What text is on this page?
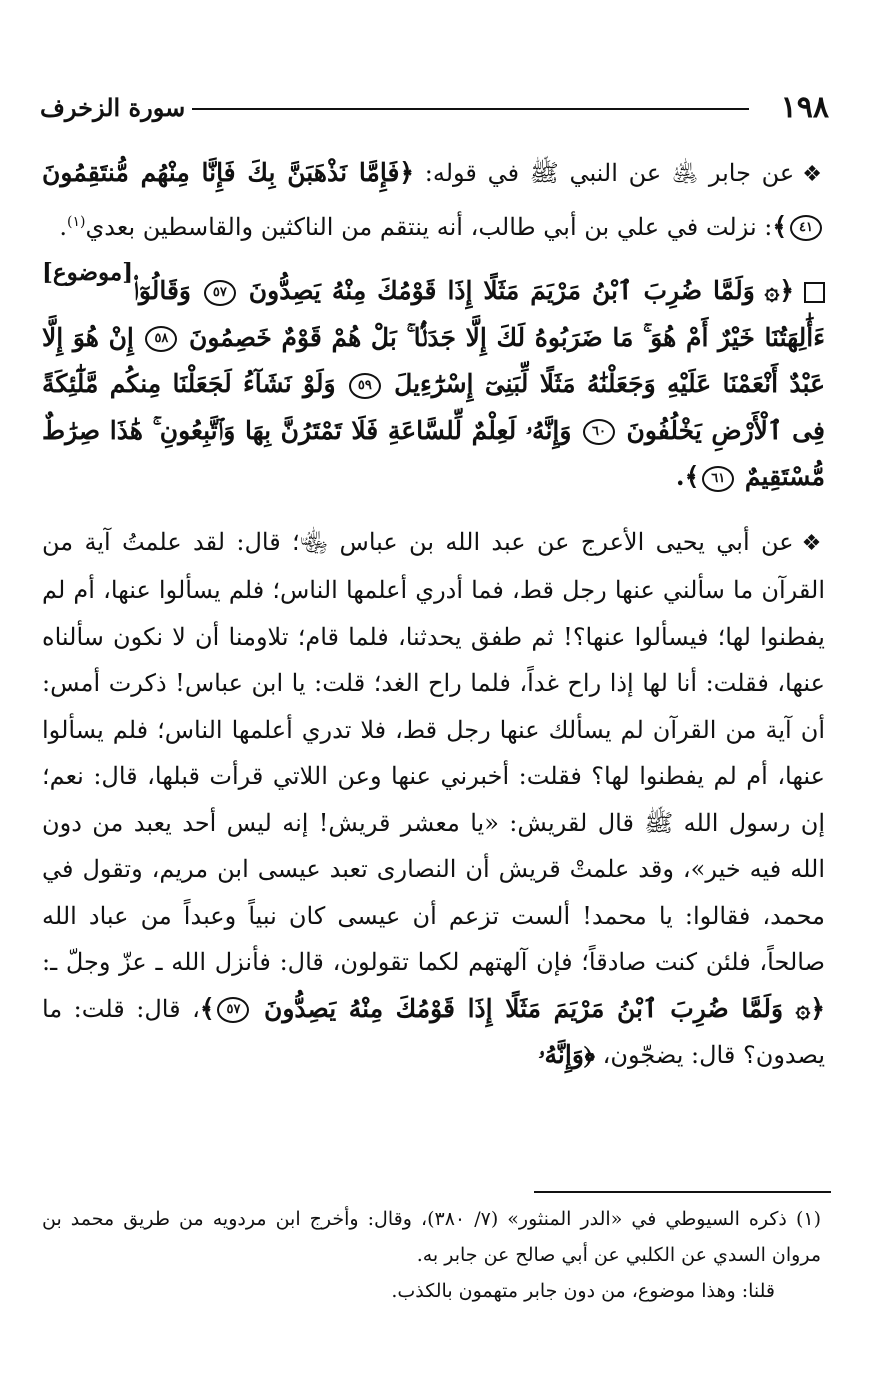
١٩٨
سورة الزخرف

❖عن جابر ﵁ عن النبي ﷺ في قوله: ﴿فَإِمَّا نَذْهَبَنَّ بِكَ فَإِنَّا مِنْهُم مُّنتَقِمُونَ ٤١﴾: نزلت في علي بن أبي طالب، أنه ينتقم من الناكثين والقاسطين بعدي$^{(١)}$.
[موضوع]

﴿۞ وَلَمَّا ضُرِبَ ٱبْنُ مَرْيَمَ مَثَلًا إِذَا قَوْمُكَ مِنْهُ يَصِدُّونَ ٥٧ وَقَالُوٓا۟ ءَأَٰلِهَتُنَا خَيْرٌ أَمْ هُوَ ۚ مَا ضَرَبُوهُ لَكَ إِلَّا جَدَلًۢا ۚ بَلْ هُمْ قَوْمٌ خَصِمُونَ ٥٨ إِنْ هُوَ إِلَّا عَبْدٌ أَنْعَمْنَا عَلَيْهِ وَجَعَلْنَٰهُ مَثَلًا لِّبَنِىٓ إِسْرَٰٓءِيلَ ٥٩ وَلَوْ نَشَآءُ لَجَعَلْنَا مِنكُم مَّلَٰٓئِكَةً فِى ٱلْأَرْضِ يَخْلُفُونَ ٦٠ وَإِنَّهُۥ لَعِلْمٌ لِّلسَّاعَةِ فَلَا تَمْتَرُنَّ بِهَا وَٱتَّبِعُونِ ۚ هَٰذَا صِرَٰطٌ مُّسْتَقِيمٌ ٦١﴾.

❖عن أبي يحيى الأعرج عن عبد الله بن عباس ﵄؛ قال: لقد علمتُ آية من القرآن ما سألني عنها رجل قط، فما أدري أعلمها الناس؛ فلم يسألوا عنها، أم لم يفطنوا لها؛ فيسألوا عنها؟! ثم طفق يحدثنا، فلما قام؛ تلاومنا أن لا نكون سألناه عنها، فقلت: أنا لها إذا راح غداً، فلما راح الغد؛ قلت: يا ابن عباس! ذكرت أمس: أن آية من القرآن لم يسألك عنها رجل قط، فلا تدري أعلمها الناس؛ فلم يسألوا عنها، أم لم يفطنوا لها؟ فقلت: أخبرني عنها وعن اللاتي قرأت قبلها، قال: نعم؛ إن رسول الله ﷺ قال لقريش: «يا معشر قريش! إنه ليس أحد يعبد من دون الله فيه خير»، وقد علمتْ قريش أن النصارى تعبد عيسى ابن مريم، وتقول في محمد، فقالوا: يا محمد! ألست تزعم أن عيسى كان نبياً وعبداً من عباد الله صالحاً، فلئن كنت صادقاً؛ فإن آلهتهم لكما تقولون، قال: فأنزل الله ـ عزّ وجلّ ـ: ﴿۞ وَلَمَّا ضُرِبَ ٱبْنُ مَرْيَمَ مَثَلًا إِذَا قَوْمُكَ مِنْهُ يَصِدُّونَ ٥٧﴾، قال: قلت: ما يصدون؟ قال: يضجّون، ﴿وَإِنَّهُۥ

(١) ذكره السيوطي في «الدر المنثور» (٧/ ٣٨٠)، وقال: وأخرج ابن مردويه من طريق محمد بن مروان السدي عن الكلبي عن أبي صالح عن جابر به.

قلنا: وهذا موضوع، من دون جابر متهمون بالكذب.
